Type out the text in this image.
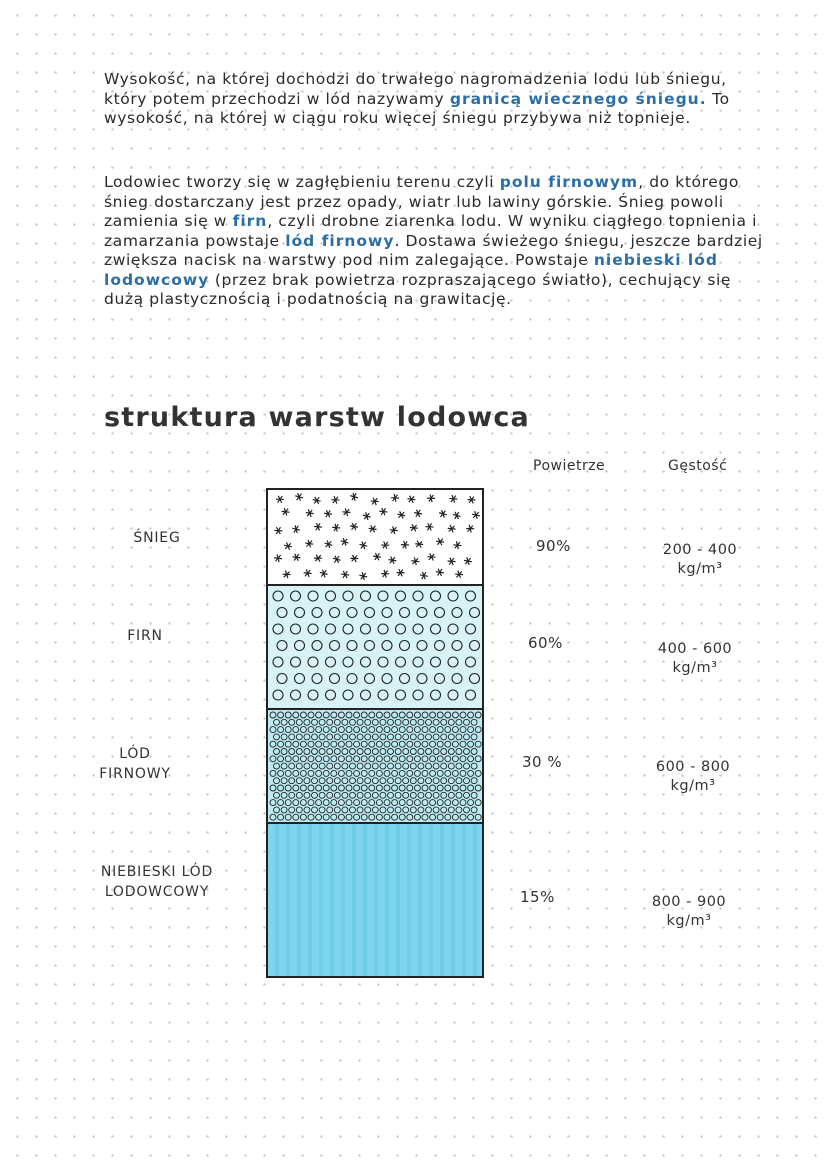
Wysokość, na której dochodzi do trwałego nagromadzenia lodu lub śniegu, który potem przechodzi w lód nazywamy granicą wiecznego śniegu. To wysokość, na której w ciągu roku więcej śniegu przybywa niż topnieje.
Lodowiec tworzy się w zagłębieniu terenu czyli polu firnowym, do którego śnieg dostarczany jest przez opady, wiatr lub lawiny górskie. Śnieg powoli zamienia się w firn, czyli drobne ziarenka lodu. W wyniku ciągłego topnienia i zamarzania powstaje lód firnowy. Dostawa świeżego śniegu, jeszcze bardziej zwiększa nacisk na warstwy pod nim zalegające. Powstaje niebieski lód lodowcowy (przez brak powietrza rozpraszającego światło), cechujący się dużą plastycznością i podatnością na grawitację.
struktura warstw lodowca
Powietrze	Gęstość
ŚNIEG
FIRN
LÓD FIRNOWY
NIEBIESKI LÓD LODOWCOWY
90%
60%
30 %
15%
200 - 400 kg/m³
400 - 600 kg/m³
600 - 800 kg/m³
800 - 900 kg/m³
